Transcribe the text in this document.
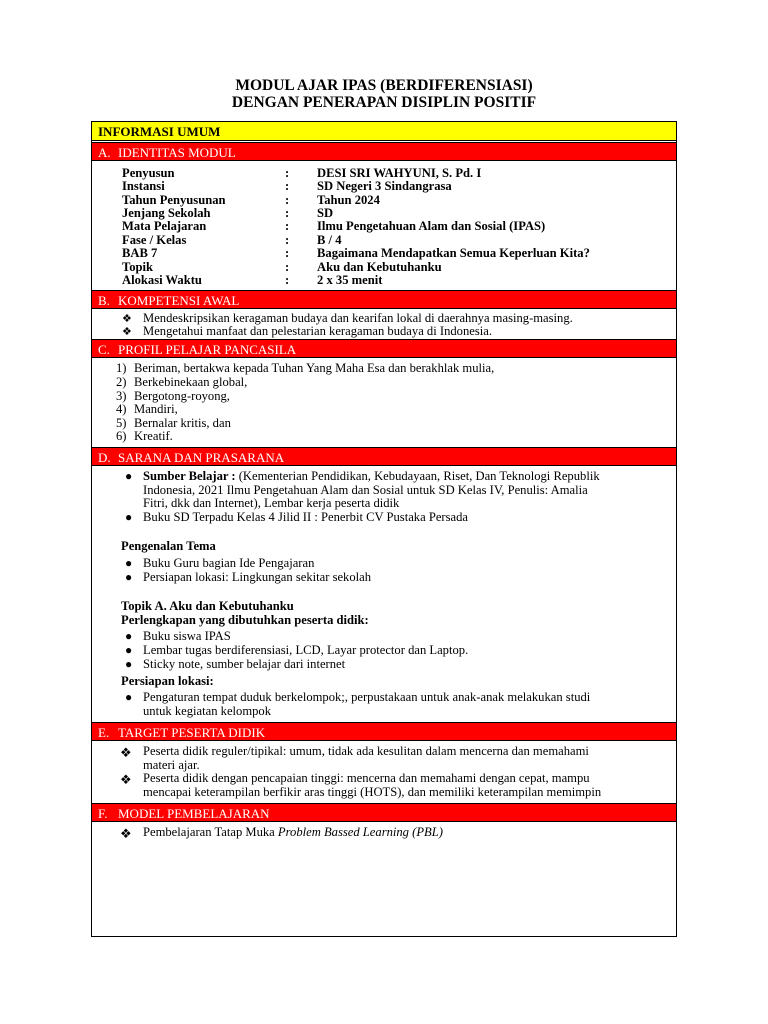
MODUL AJAR IPAS (BERDIFERENSIASI)
DENGAN PENERAPAN DISIPLIN POSITIF
INFORMASI UMUM
A. IDENTITAS MODUL
Penyusun	: DESI SRI WAHYUNI, S. Pd. I
Instansi	: SD Negeri 3 Sindangrasa
Tahun Penyusunan	: Tahun 2024
Jenjang Sekolah	: SD
Mata Pelajaran	: Ilmu Pengetahuan Alam dan Sosial (IPAS)
Fase / Kelas	: B / 4
BAB 7	: Bagaimana Mendapatkan Semua Keperluan Kita?
Topik	: Aku dan Kebutuhanku
Alokasi Waktu	: 2 x 35 menit
B. KOMPETENSI AWAL
❖ Mendeskripsikan keragaman budaya dan kearifan lokal di daerahnya masing-masing.
❖ Mengetahui manfaat dan pelestarian keragaman budaya di Indonesia.
C. PROFIL PELAJAR PANCASILA
1) Beriman, bertakwa kepada Tuhan Yang Maha Esa dan berakhlak mulia,
2) Berkebinekaan global,
3) Bergotong-royong,
4) Mandiri,
5) Bernalar kritis, dan
6) Kreatif.
D. SARANA DAN PRASARANA
● Sumber Belajar : (Kementerian Pendidikan, Kebudayaan, Riset, Dan Teknologi Republik
Indonesia, 2021 Ilmu Pengetahuan Alam dan Sosial untuk SD Kelas IV, Penulis: Amalia
Fitri, dkk dan Internet), Lembar kerja peserta didik
● Buku SD Terpadu Kelas 4 Jilid II : Penerbit CV Pustaka Persada
Pengenalan Tema
● Buku Guru bagian Ide Pengajaran
● Persiapan lokasi: Lingkungan sekitar sekolah
Topik A. Aku dan Kebutuhanku
Perlengkapan yang dibutuhkan peserta didik:
● Buku siswa IPAS
● Lembar tugas berdiferensiasi, LCD, Layar protector dan Laptop.
● Sticky note, sumber belajar dari internet
Persiapan lokasi:
● Pengaturan tempat duduk berkelompok;, perpustakaan untuk anak-anak melakukan studi
untuk kegiatan kelompok
E. TARGET PESERTA DIDIK
❖ Peserta didik reguler/tipikal: umum, tidak ada kesulitan dalam mencerna dan memahami
materi ajar.
❖ Peserta didik dengan pencapaian tinggi: mencerna dan memahami dengan cepat, mampu
mencapai keterampilan berfikir aras tinggi (HOTS), dan memiliki keterampilan memimpin
F. MODEL PEMBELAJARAN
❖ Pembelajaran Tatap Muka Problem Bassed Learning (PBL)
